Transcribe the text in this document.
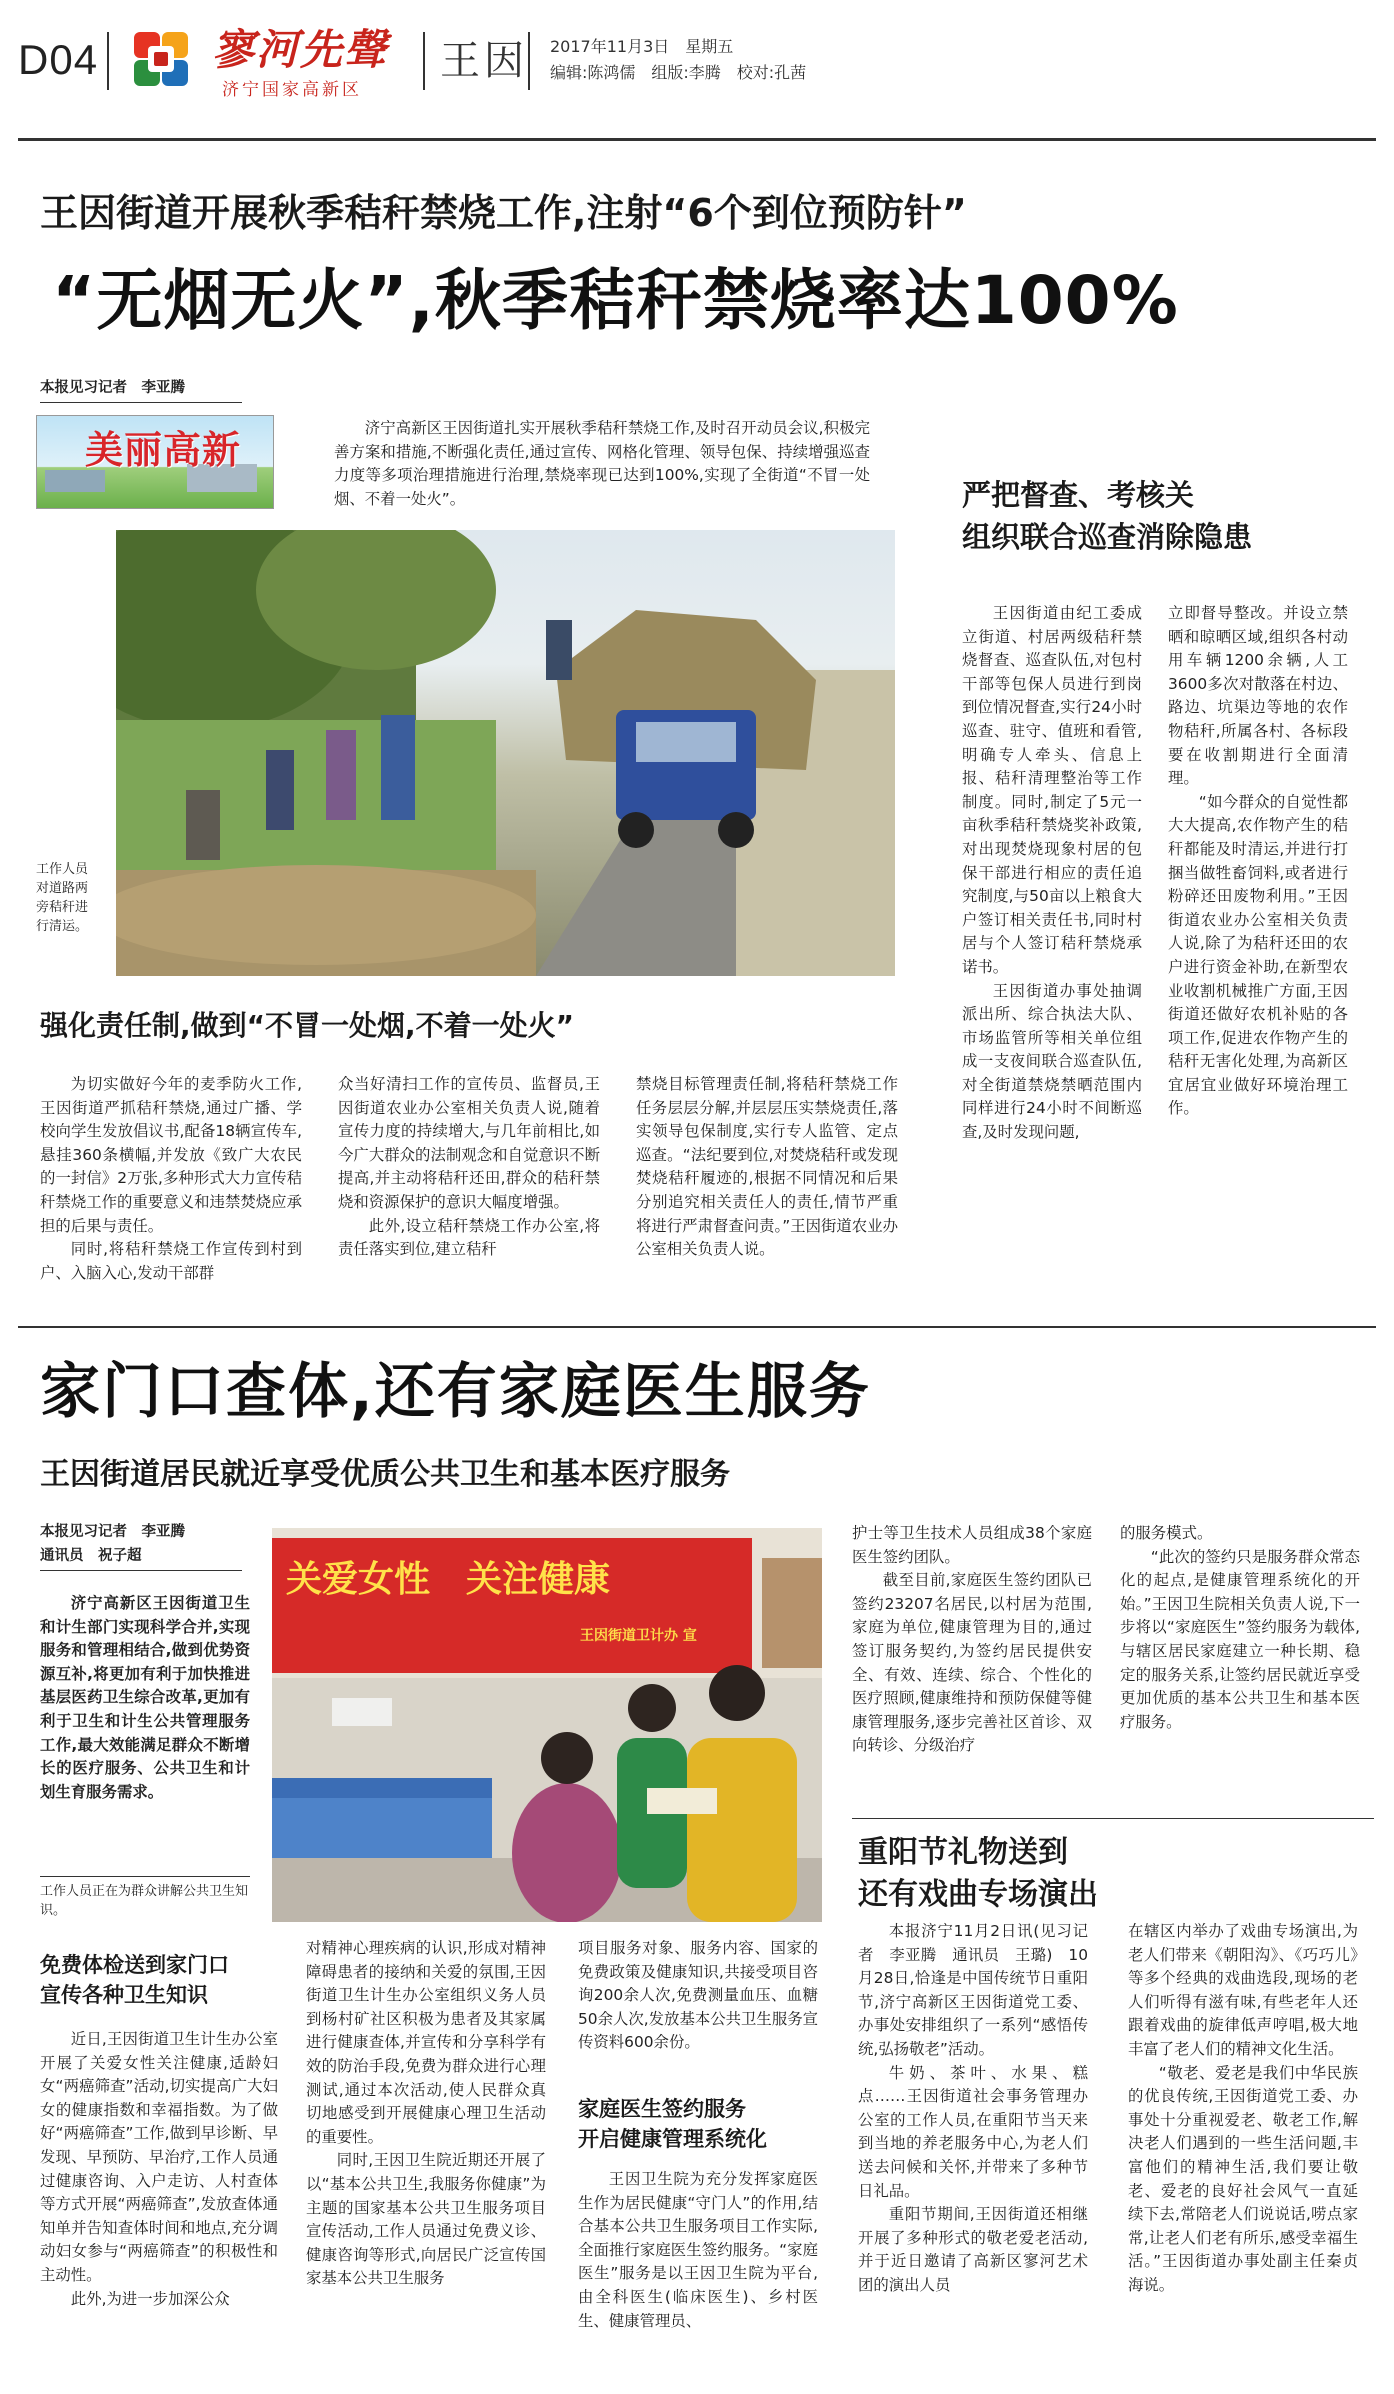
D04	寥河先聲
济宁国家高新区
王因 2017年11月3日　星期五
编辑:陈鸿儒　组版:李腾　校对:孔茜
王因街道开展秋季秸秆禁烧工作,注射“6个到位预防针”
“无烟无火”,秋季秸秆禁烧率达100%
本报见习记者　李亚腾
美丽高新	济宁高新区王因街道扎实开展秋季秸秆禁烧工作,及时召开动员会议,积极完善方案和措施,不断强化责任,通过宣传、网格化管理、领导包保、持续增强巡查力度等多项治理措施进行治理,禁烧率现已达到100%,实现了全街道“不冒一处烟、不着一处火”。

工作人员对道路两旁秸秆进行清运。
强化责任制,做到“不冒一处烟,不着一处火”

为切实做好今年的麦季防火工作,王因街道严抓秸秆禁烧,通过广播、学校向学生发放倡议书,配备18辆宣传车,悬挂360条横幅,并发放《致广大农民的一封信》2万张,多种形式大力宣传秸秆禁烧工作的重要意义和违禁焚烧应承担的后果与责任。

同时,将秸秆禁烧工作宣传到村到户、入脑入心,发动干部群

众当好清扫工作的宣传员、监督员,王因街道农业办公室相关负责人说,随着宣传力度的持续增大,与几年前相比,如今广大群众的法制观念和自觉意识不断提高,并主动将秸秆还田,群众的秸秆禁烧和资源保护的意识大幅度增强。

此外,设立秸秆禁烧工作办公室,将责任落实到位,建立秸秆

禁烧目标管理责任制,将秸秆禁烧工作任务层层分解,并层层压实禁烧责任,落实领导包保制度,实行专人监管、定点巡查。“法纪要到位,对焚烧秸秆或发现焚烧秸秆履迹的,根据不同情况和后果分别追究相关责任人的责任,情节严重将进行严肃督查问责。”王因街道农业办公室相关负责人说。

严把督查、考核关
组织联合巡查消除隐患

王因街道由纪工委成立街道、村居两级秸秆禁烧督查、巡查队伍,对包村干部等包保人员进行到岗到位情况督查,实行24小时巡查、驻守、值班和看管,明确专人牵头、信息上报、秸秆清理整治等工作制度。同时,制定了5元一亩秋季秸秆禁烧奖补政策,对出现焚烧现象村居的包保干部进行相应的责任追究制度,与50亩以上粮食大户签订相关责任书,同时村居与个人签订秸秆禁烧承诺书。

王因街道办事处抽调派出所、综合执法大队、市场监管所等相关单位组成一支夜间联合巡查队伍,对全街道禁烧禁晒范围内同样进行24小时不间断巡查,及时发现问题,

立即督导整改。并设立禁晒和晾晒区域,组织各村动用车辆1200余辆,人工3600多次对散落在村边、路边、坑渠边等地的农作物秸秆,所属各村、各标段要在收割期进行全面清理。

“如今群众的自觉性都大大提高,农作物产生的秸秆都能及时清运,并进行打捆当做牲畜饲料,或者进行粉碎还田废物利用。”王因街道农业办公室相关负责人说,除了为秸秆还田的农户进行资金补助,在新型农业收割机械推广方面,王因街道还做好农机补贴的各项工作,促进农作物产生的秸秆无害化处理,为高新区宜居宜业做好环境治理工作。

家门口查体,还有家庭医生服务
王因街道居民就近享受优质公共卫生和基本医疗服务
本报见习记者　李亚腾
通讯员　祝子超

济宁高新区王因街道卫生和计生部门实现科学合并,实现服务和管理相结合,做到优势资源互补,将更加有利于加快推进基层医药卫生综合改革,更加有利于卫生和计生公共管理服务工作,最大效能满足群众不断增长的医疗服务、公共卫生和计划生育服务需求。

工作人员正在为群众讲解公共卫生知识。
关爱女性　关注健康
王因街道卫计办 宣
免费体检送到家门口
宣传各种卫生知识

近日,王因街道卫生计生办公室开展了关爱女性关注健康,适龄妇女“两癌筛查”活动,切实提高广大妇女的健康指数和幸福指数。为了做好“两癌筛查”工作,做到早诊断、早发现、早预防、早治疗,工作人员通过健康咨询、入户走访、人村查体等方式开展“两癌筛查”,发放查体通知单并告知查体时间和地点,充分调动妇女参与“两癌筛查”的积极性和主动性。

此外,为进一步加深公众

对精神心理疾病的认识,形成对精神障碍患者的接纳和关爱的氛围,王因街道卫生计生办公室组织义务人员到杨村矿社区积极为患者及其家属进行健康查体,并宣传和分享科学有效的防治手段,免费为群众进行心理测试,通过本次活动,使人民群众真切地感受到开展健康心理卫生活动的重要性。

同时,王因卫生院近期还开展了以“基本公共卫生,我服务你健康”为主题的国家基本公共卫生服务项目宣传活动,工作人员通过免费义诊、健康咨询等形式,向居民广泛宣传国家基本公共卫生服务

项目服务对象、服务内容、国家的免费政策及健康知识,共接受项目咨询200余人次,免费测量血压、血糖50余人次,发放基本公共卫生服务宣传资料600余份。

家庭医生签约服务
开启健康管理系统化

王因卫生院为充分发挥家庭医生作为居民健康“守门人”的作用,结合基本公共卫生服务项目工作实际,全面推行家庭医生签约服务。“家庭医生”服务是以王因卫生院为平台,由全科医生(临床医生)、乡村医生、健康管理员、

护士等卫生技术人员组成38个家庭医生签约团队。

截至目前,家庭医生签约团队已签约23207名居民,以村居为范围,家庭为单位,健康管理为目的,通过签订服务契约,为签约居民提供安全、有效、连续、综合、个性化的医疗照顾,健康维持和预防保健等健康管理服务,逐步完善社区首诊、双向转诊、分级治疗

的服务模式。

“此次的签约只是服务群众常态化的起点,是健康管理系统化的开始。”王因卫生院相关负责人说,下一步将以“家庭医生”签约服务为载体,与辖区居民家庭建立一种长期、稳定的服务关系,让签约居民就近享受更加优质的基本公共卫生和基本医疗服务。

重阳节礼物送到
还有戏曲专场演出

本报济宁11月2日讯(见习记者　李亚腾　通讯员　王璐)　10月28日,恰逢是中国传统节日重阳节,济宁高新区王因街道党工委、办事处安排组织了一系列“感悟传统,弘扬敬老”活动。

牛奶、茶叶、水果、糕点……王因街道社会事务管理办公室的工作人员,在重阳节当天来到当地的养老服务中心,为老人们送去问候和关怀,并带来了多种节日礼品。

重阳节期间,王因街道还相继开展了多种形式的敬老爱老活动,并于近日邀请了高新区寥河艺术团的演出人员

在辖区内举办了戏曲专场演出,为老人们带来《朝阳沟》、《巧巧儿》等多个经典的戏曲选段,现场的老人们听得有滋有味,有些老年人还跟着戏曲的旋律低声哼唱,极大地丰富了老人们的精神文化生活。

“敬老、爱老是我们中华民族的优良传统,王因街道党工委、办事处十分重视爱老、敬老工作,解决老人们遇到的一些生活问题,丰富他们的精神生活,我们要让敬老、爱老的良好社会风气一直延续下去,常陪老人们说说话,唠点家常,让老人们老有所乐,感受幸福生活。”王因街道办事处副主任秦贞海说。
